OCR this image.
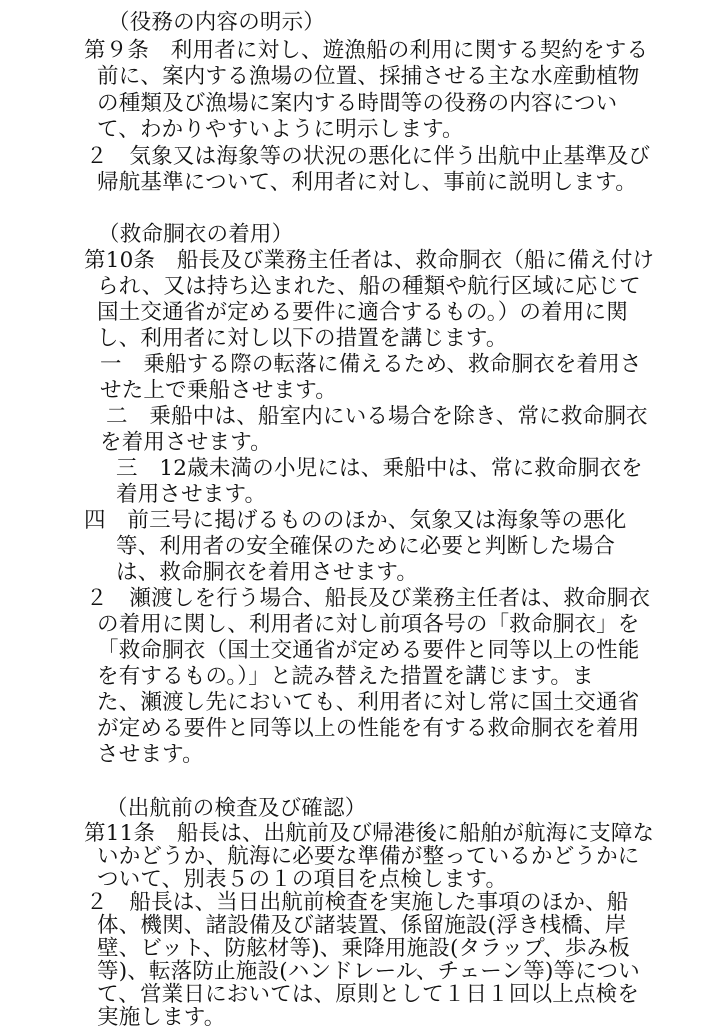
（役務の内容の明示）
第９条　利用者に対し、遊漁船の利用に関する契約をする
前に、案内する漁場の位置、採捕させる主な水産動植物
の種類及び漁場に案内する時間等の役務の内容につい
て、わかりやすいように明示します。
２　気象又は海象等の状況の悪化に伴う出航中止基準及び
帰航基準について、利用者に対し、事前に説明します。
（救命胴衣の着用）
第10条　船長及び業務主任者は、救命胴衣（船に備え付け
られ、又は持ち込まれた、船の種類や航行区域に応じて
国土交通省が定める要件に適合するもの。）の着用に関
し、利用者に対し以下の措置を講じます。
一　乗船する際の転落に備えるため、救命胴衣を着用さ
せた上で乗船させます。
二　乗船中は、船室内にいる場合を除き、常に救命胴衣
を着用させます。
三　12歳未満の小児には、乗船中は、常に救命胴衣を
着用させます。
四　前三号に掲げるもののほか、気象又は海象等の悪化
等、利用者の安全確保のために必要と判断した場合
は、救命胴衣を着用させます。
２　瀬渡しを行う場合、船長及び業務主任者は、救命胴衣
の着用に関し、利用者に対し前項各号の「救命胴衣」を
「救命胴衣（国土交通省が定める要件と同等以上の性能
を有するもの。）」と読み替えた措置を講じます。ま
た、瀬渡し先においても、利用者に対し常に国土交通省
が定める要件と同等以上の性能を有する救命胴衣を着用
させます。
（出航前の検査及び確認）
第11条　船長は、出航前及び帰港後に船舶が航海に支障な
いかどうか、航海に必要な準備が整っているかどうかに
ついて、別表５の１の項目を点検します。
２　船長は、当日出航前検査を実施した事項のほか、船
体、機関、諸設備及び諸装置、係留施設(浮き桟橋、岸
壁、ビット、防舷材等)、乗降用施設(タラップ、歩み板
等)、転落防止施設(ハンドレール、チェーン等)等につい
て、営業日においては、原則として１日１回以上点検を
実施します。
